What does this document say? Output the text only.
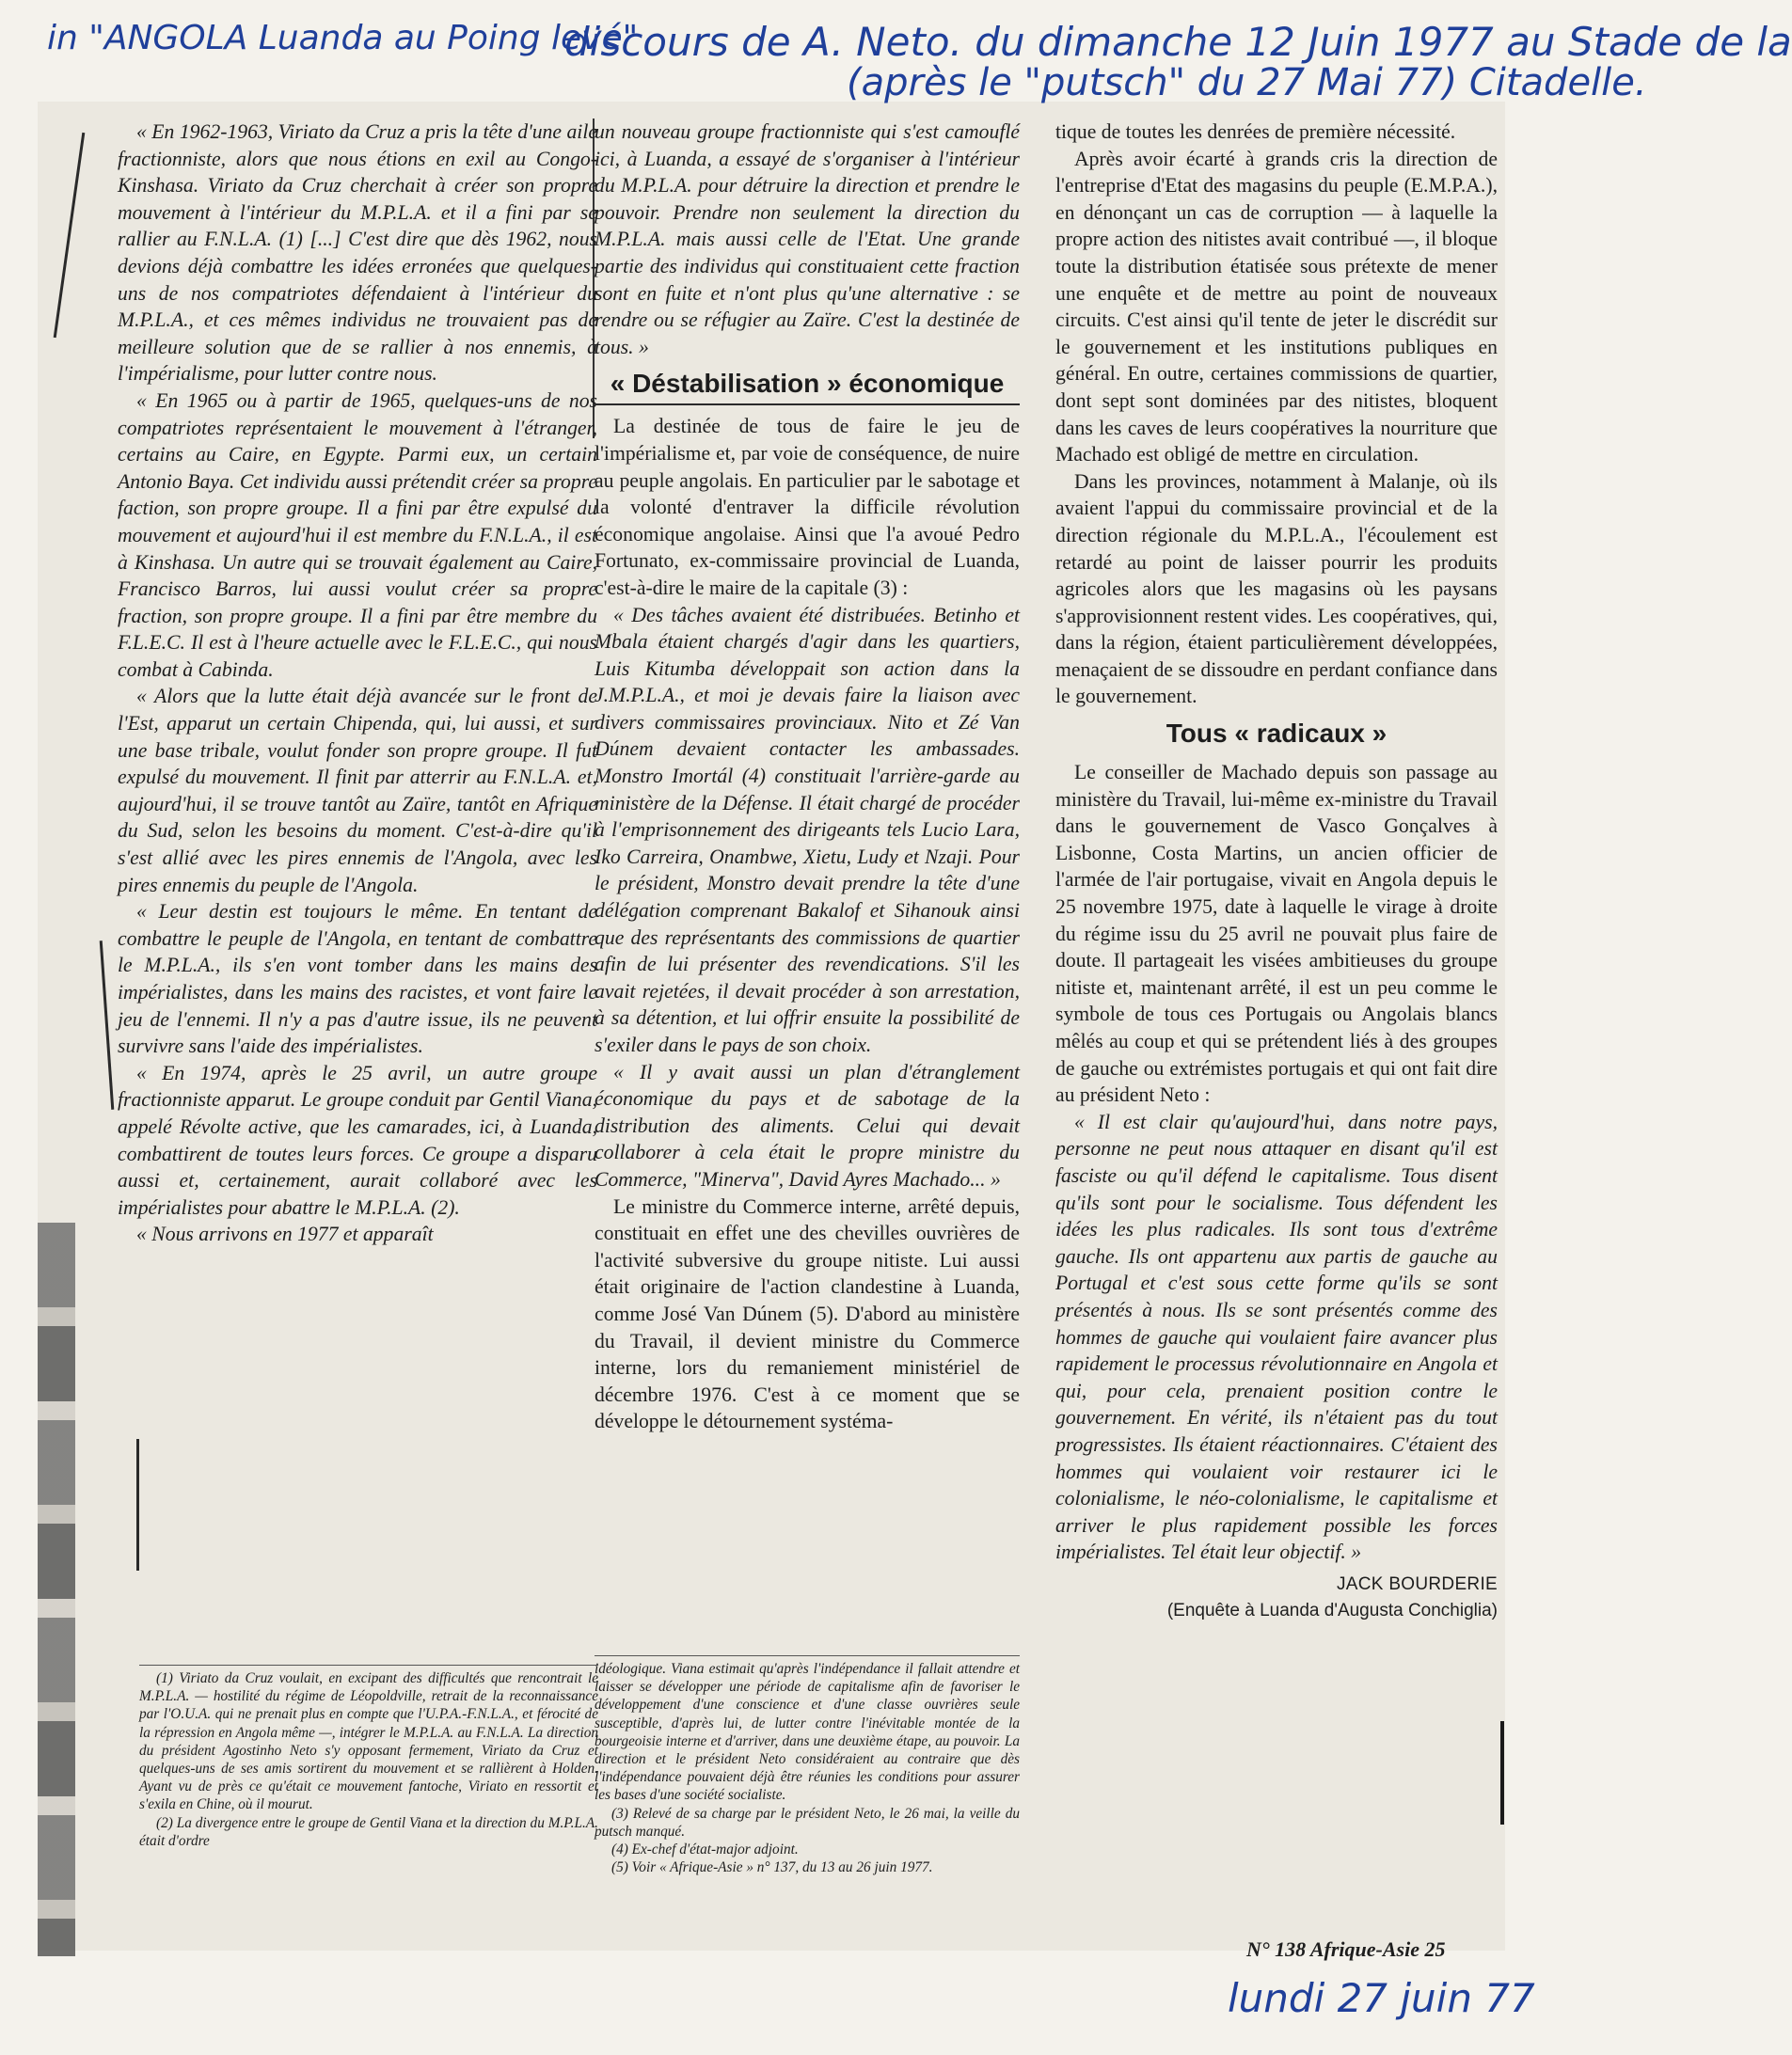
in "ANGOLA Luanda au Poing levé"
discours de A. Neto. du dimanche 12 Juin 1977 au Stade de la
(après le "putsch" du 27 Mai 77) Citadelle.

« En 1962-1963, Viriato da Cruz a pris la tête d'une aile fractionniste, alors que nous étions en exil au Congo-Kinshasa. Viriato da Cruz cherchait à créer son propre mouvement à l'intérieur du M.P.L.A. et il a fini par se rallier au F.N.L.A. (1) [...] C'est dire que dès 1962, nous devions déjà combattre les idées erronées que quelques-uns de nos compatriotes défendaient à l'intérieur du M.P.L.A., et ces mêmes individus ne trouvaient pas de meilleure solution que de se rallier à nos ennemis, à l'impérialisme, pour lutter contre nous.

« En 1965 ou à partir de 1965, quelques-uns de nos compatriotes représentaient le mouvement à l'étranger, certains au Caire, en Egypte. Parmi eux, un certain Antonio Baya. Cet individu aussi prétendit créer sa propre faction, son propre groupe. Il a fini par être expulsé du mouvement et aujourd'hui il est membre du F.N.L.A., il est à Kinshasa. Un autre qui se trouvait également au Caire, Francisco Barros, lui aussi voulut créer sa propre fraction, son propre groupe. Il a fini par être membre du F.L.E.C. Il est à l'heure actuelle avec le F.L.E.C., qui nous combat à Cabinda.

« Alors que la lutte était déjà avancée sur le front de l'Est, apparut un certain Chipenda, qui, lui aussi, et sur une base tribale, voulut fonder son propre groupe. Il fut expulsé du mouvement. Il finit par atterrir au F.N.L.A. et, aujourd'hui, il se trouve tantôt au Zaïre, tantôt en Afrique du Sud, selon les besoins du moment. C'est-à-dire qu'il s'est allié avec les pires ennemis de l'Angola, avec les pires ennemis du peuple de l'Angola.

« Leur destin est toujours le même. En tentant de combattre le peuple de l'Angola, en tentant de combattre le M.P.L.A., ils s'en vont tomber dans les mains des impérialistes, dans les mains des racistes, et vont faire le jeu de l'ennemi. Il n'y a pas d'autre issue, ils ne peuvent survivre sans l'aide des impérialistes.

« En 1974, après le 25 avril, un autre groupe fractionniste apparut. Le groupe conduit par Gentil Viana, appelé Révolte active, que les camarades, ici, à Luanda, combattirent de toutes leurs forces. Ce groupe a disparu aussi et, certainement, aurait collaboré avec les impérialistes pour abattre le M.P.L.A. (2).

« Nous arrivons en 1977 et apparaît

un nouveau groupe fractionniste qui s'est camouflé ici, à Luanda, a essayé de s'organiser à l'intérieur du M.P.L.A. pour détruire la direction et prendre le pouvoir. Prendre non seulement la direction du M.P.L.A. mais aussi celle de l'Etat. Une grande partie des individus qui constituaient cette fraction sont en fuite et n'ont plus qu'une alternative : se rendre ou se réfugier au Zaïre. C'est la destinée de tous. »

« Déstabilisation » économique

La destinée de tous de faire le jeu de l'impérialisme et, par voie de conséquence, de nuire au peuple angolais. En particulier par le sabotage et la volonté d'entraver la difficile révolution économique angolaise. Ainsi que l'a avoué Pedro Fortunato, ex-commissaire provincial de Luanda, c'est-à-dire le maire de la capitale (3) :

« Des tâches avaient été distribuées. Betinho et Mbala étaient chargés d'agir dans les quartiers, Luis Kitumba développait son action dans la J.M.P.L.A., et moi je devais faire la liaison avec divers commissaires provinciaux. Nito et Zé Van Dúnem devaient contacter les ambassades. Monstro Imortál (4) constituait l'arrière-garde au ministère de la Défense. Il était chargé de procéder à l'emprisonnement des dirigeants tels Lucio Lara, Iko Carreira, Onambwe, Xietu, Ludy et Nzaji. Pour le président, Monstro devait prendre la tête d'une délégation comprenant Bakalof et Sihanouk ainsi que des représentants des commissions de quartier afin de lui présenter des revendications. S'il les avait rejetées, il devait procéder à son arrestation, à sa détention, et lui offrir ensuite la possibilité de s'exiler dans le pays de son choix.

« Il y avait aussi un plan d'étranglement économique du pays et de sabotage de la distribution des aliments. Celui qui devait collaborer à cela était le propre ministre du Commerce, "Minerva", David Ayres Machado... »

Le ministre du Commerce interne, arrêté depuis, constituait en effet une des chevilles ouvrières de l'activité subversive du groupe nitiste. Lui aussi était originaire de l'action clandestine à Luanda, comme José Van Dúnem (5). D'abord au ministère du Travail, il devient ministre du Commerce interne, lors du remaniement ministériel de décembre 1976. C'est à ce moment que se développe le détournement systéma-

tique de toutes les denrées de première nécessité.

Après avoir écarté à grands cris la direction de l'entreprise d'Etat des magasins du peuple (E.M.P.A.), en dénonçant un cas de corruption — à laquelle la propre action des nitistes avait contribué —, il bloque toute la distribution étatisée sous prétexte de mener une enquête et de mettre au point de nouveaux circuits. C'est ainsi qu'il tente de jeter le discrédit sur le gouvernement et les institutions publiques en général. En outre, certaines commissions de quartier, dont sept sont dominées par des nitistes, bloquent dans les caves de leurs coopératives la nourriture que Machado est obligé de mettre en circulation.

Dans les provinces, notamment à Malanje, où ils avaient l'appui du commissaire provincial et de la direction régionale du M.P.L.A., l'écoulement est retardé au point de laisser pourrir les produits agricoles alors que les magasins où les paysans s'approvisionnent restent vides. Les coopératives, qui, dans la région, étaient particulièrement développées, menaçaient de se dissoudre en perdant confiance dans le gouvernement.

Tous « radicaux »

Le conseiller de Machado depuis son passage au ministère du Travail, lui-même ex-ministre du Travail dans le gouvernement de Vasco Gonçalves à Lisbonne, Costa Martins, un ancien officier de l'armée de l'air portugaise, vivait en Angola depuis le 25 novembre 1975, date à laquelle le virage à droite du régime issu du 25 avril ne pouvait plus faire de doute. Il partageait les visées ambitieuses du groupe nitiste et, maintenant arrêté, il est un peu comme le symbole de tous ces Portugais ou Angolais blancs mêlés au coup et qui se prétendent liés à des groupes de gauche ou extrémistes portugais et qui ont fait dire au président Neto :

« Il est clair qu'aujourd'hui, dans notre pays, personne ne peut nous attaquer en disant qu'il est fasciste ou qu'il défend le capitalisme. Tous disent qu'ils sont pour le socialisme. Tous défendent les idées les plus radicales. Ils sont tous d'extrême gauche. Ils ont appartenu aux partis de gauche au Portugal et c'est sous cette forme qu'ils se sont présentés à nous. Ils se sont présentés comme des hommes de gauche qui voulaient faire avancer plus rapidement le processus révolutionnaire en Angola et qui, pour cela, prenaient position contre le gouvernement. En vérité, ils n'étaient pas du tout progressistes. Ils étaient réactionnaires. C'étaient des hommes qui voulaient voir restaurer ici le colonialisme, le néo-colonialisme, le capitalisme et arriver le plus rapidement possible les forces impérialistes. Tel était leur objectif. »

JACK BOURDERIE
(Enquête à Luanda d'Augusta Conchiglia)

(1) Viriato da Cruz voulait, en excipant des difficultés que rencontrait le M.P.L.A. — hostilité du régime de Léopoldville, retrait de la reconnaissance par l'O.U.A. qui ne prenait plus en compte que l'U.P.A.-F.N.L.A., et férocité de la répression en Angola même —, intégrer le M.P.L.A. au F.N.L.A. La direction du président Agostinho Neto s'y opposant fermement, Viriato da Cruz et quelques-uns de ses amis sortirent du mouvement et se rallièrent à Holden. Ayant vu de près ce qu'était ce mouvement fantoche, Viriato en ressortit et s'exila en Chine, où il mourut.

(2) La divergence entre le groupe de Gentil Viana et la direction du M.P.L.A. était d'ordre

idéologique. Viana estimait qu'après l'indépendance il fallait attendre et laisser se développer une période de capitalisme afin de favoriser le développement d'une conscience et d'une classe ouvrières seule susceptible, d'après lui, de lutter contre l'inévitable montée de la bourgeoisie interne et d'arriver, dans une deuxième étape, au pouvoir. La direction et le président Neto considéraient au contraire que dès l'indépendance pouvaient déjà être réunies les conditions pour assurer les bases d'une société socialiste.

(3) Relevé de sa charge par le président Neto, le 26 mai, la veille du putsch manqué.

(4) Ex-chef d'état-major adjoint.

(5) Voir « Afrique-Asie » n° 137, du 13 au 26 juin 1977.

N° 138 Afrique-Asie 25
lundi 27 juin 77
